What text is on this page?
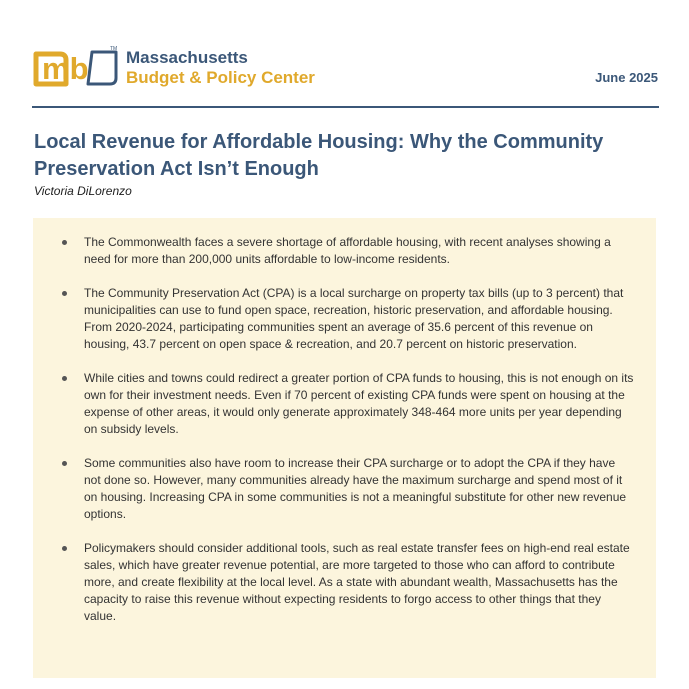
mb
TM Massachusetts
Budget & Policy Center	June 2025
Local Revenue for Affordable Housing: Why the Community Preservation Act Isn’t Enough
Victoria DiLorenzo
The Commonwealth faces a severe shortage of affordable housing, with recent analyses showing a need for more than 200,000 units affordable to low-income residents.
The Community Preservation Act (CPA) is a local surcharge on property tax bills (up to 3 percent) that municipalities can use to fund open space, recreation, historic preservation, and affordable housing. From 2020-2024, participating communities spent an average of 35.6 percent of this revenue on housing, 43.7 percent on open space & recreation, and 20.7 percent on historic preservation.
While cities and towns could redirect a greater portion of CPA funds to housing, this is not enough on its own for their investment needs. Even if 70 percent of existing CPA funds were spent on housing at the expense of other areas, it would only generate approximately 348-464 more units per year depending on subsidy levels.
Some communities also have room to increase their CPA surcharge or to adopt the CPA if they have not done so. However, many communities already have the maximum surcharge and spend most of it on housing. Increasing CPA in some communities is not a meaningful substitute for other new revenue options.
Policymakers should consider additional tools, such as real estate transfer fees on high-end real estate sales, which have greater revenue potential, are more targeted to those who can afford to contribute more, and create flexibility at the local level. As a state with abundant wealth, Massachusetts has the capacity to raise this revenue without expecting residents to forgo access to other things that they value.
